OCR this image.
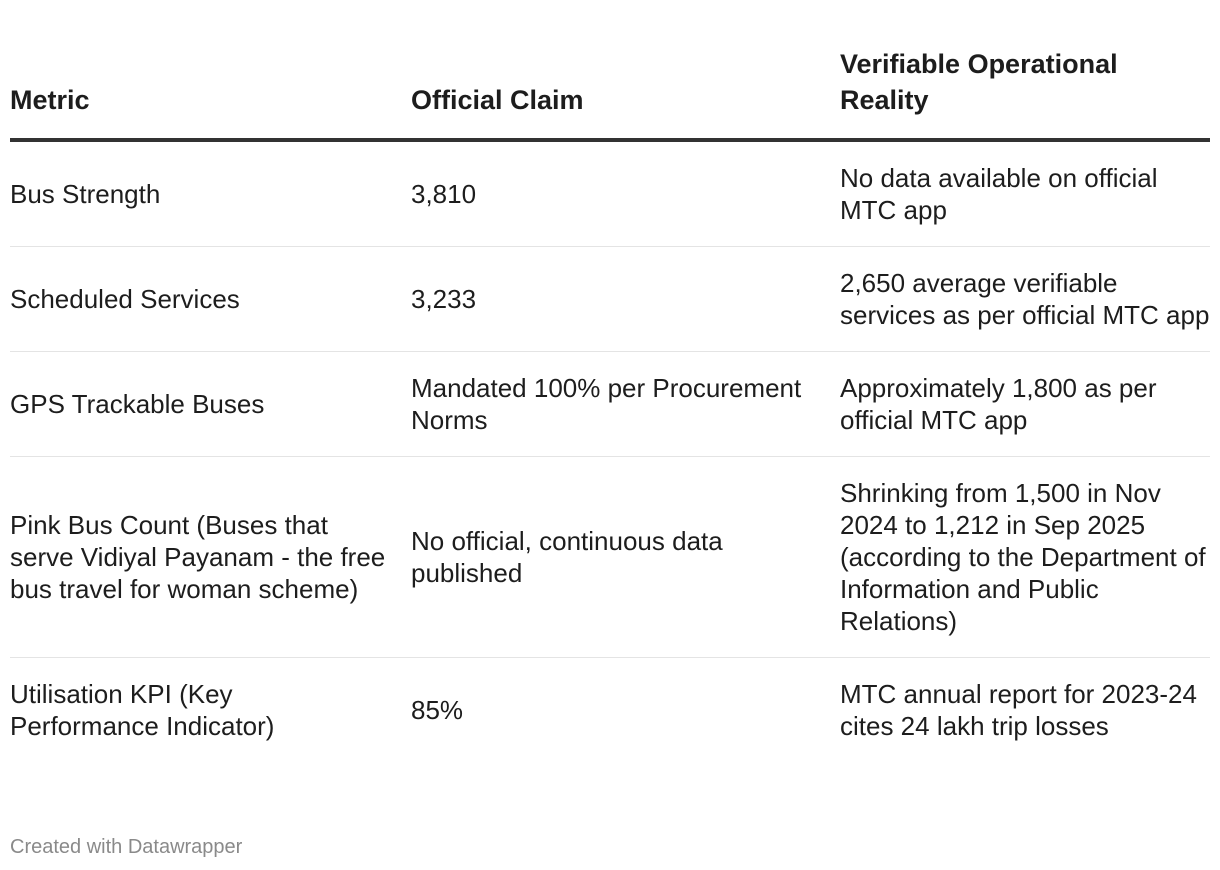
Metric	Official Claim	Verifiable Operational Reality
Bus Strength	3,810	No data available on official MTC app
Scheduled Services	3,233	2,650 average verifiable services as per official MTC app
GPS Trackable Buses	Mandated 100% per Procurement Norms	Approximately 1,800 as per official MTC app
Pink Bus Count (Buses that serve Vidiyal Payanam - the free bus travel for woman scheme)	No official, continuous data published	Shrinking from 1,500 in Nov 2024 to 1,212 in Sep 2025 (according to the Department of Information and Public Relations)
Utilisation KPI (Key Performance Indicator)	85%	MTC annual report for 2023-24 cites 24 lakh trip losses
Created with Datawrapper
